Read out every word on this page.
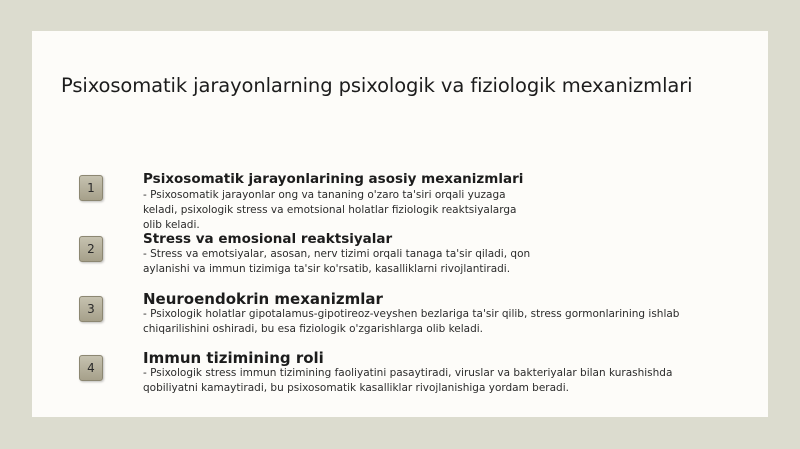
Psixosomatik jarayonlarning psixologik va fiziologik mexanizmlari
1
Psixosomatik jarayonlarining asosiy mexanizmlari

- Psixosomatik jarayonlar ong va tananing o'zaro ta'siri orqali yuzaga
keladi, psixologik stress va emotsional holatlar fiziologik reaktsiyalarga
olib keladi.

2
Stress va emosional reaktsiyalar

- Stress va emotsiyalar, asosan, nerv tizimi orqali tanaga ta'sir qiladi, qon
aylanishi va immun tizimiga ta'sir ko'rsatib, kasalliklarni rivojlantiradi.

3
Neuroendokrin mexanizmlar

- Psixologik holatlar gipotalamus-gipotireoz-veyshen bezlariga ta'sir qilib, stress gormonlarining ishlab
chiqarilishini oshiradi, bu esa fiziologik o'zgarishlarga olib keladi.

4
Immun tizimining roli

- Psixologik stress immun tizimining faoliyatini pasaytiradi, viruslar va bakteriyalar bilan kurashishda
qobiliyatni kamaytiradi, bu psixosomatik kasalliklar rivojlanishiga yordam beradi.
